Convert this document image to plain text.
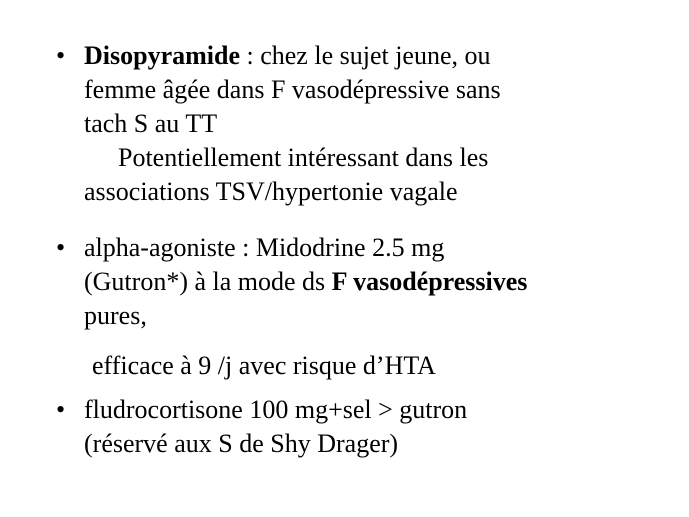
• Disopyramide : chez le sujet jeune, ou
femme âgée dans F vasodépressive sans
tach S au TT
Potentiellement intéressant dans les
associations TSV/hypertonie vagale
• alpha-agoniste : Midodrine 2.5 mg
(Gutron*) à la mode ds F vasodépressives
pures,
efficace à 9 /j avec risque d’HTA
• fludrocortisone 100 mg+sel > gutron
(réservé aux S de Shy Drager)
